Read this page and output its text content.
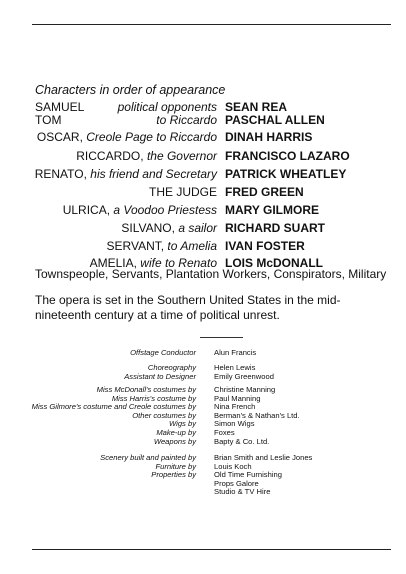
Characters in order of appearance
SAMUEL	political opponents SEAN REA
TOM	to Riccardo PASCHAL ALLEN
OSCAR, Creole Page to Riccardo DINAH HARRIS
RICCARDO, the Governor FRANCISCO LAZARO
RENATO, his friend and Secretary PATRICK WHEATLEY
THE JUDGE FRED GREEN
ULRICA, a Voodoo Priestess MARY GILMORE
SILVANO, a sailor RICHARD SUART
SERVANT, to Amelia IVAN FOSTER
AMELIA, wife to Renato LOIS McDONALL
Townspeople, Servants, Plantation Workers, Conspirators, Military
The opera is set in the Southern United States in the mid-nineteenth century at a time of political unrest.
Offstage Conductor Alun Francis
Choreography
Assistant to Designer
Helen Lewis
Emily Greenwood
Miss McDonall's costumes by
Miss Harris's costume by
Miss Gilmore's costume and Creole costumes by
Other costumes by
Wigs by
Make-up by
Weapons by
Christine Manning
Paul Manning
Nina French
Berman's & Nathan's Ltd.
Simon Wigs
Foxes
Bapty & Co. Ltd.
Scenery built and painted by
Furniture by
Properties by
Brian Smith and Leslie Jones
Louis Koch
Old Time Furnishing
Props Galore
Studio & TV Hire
